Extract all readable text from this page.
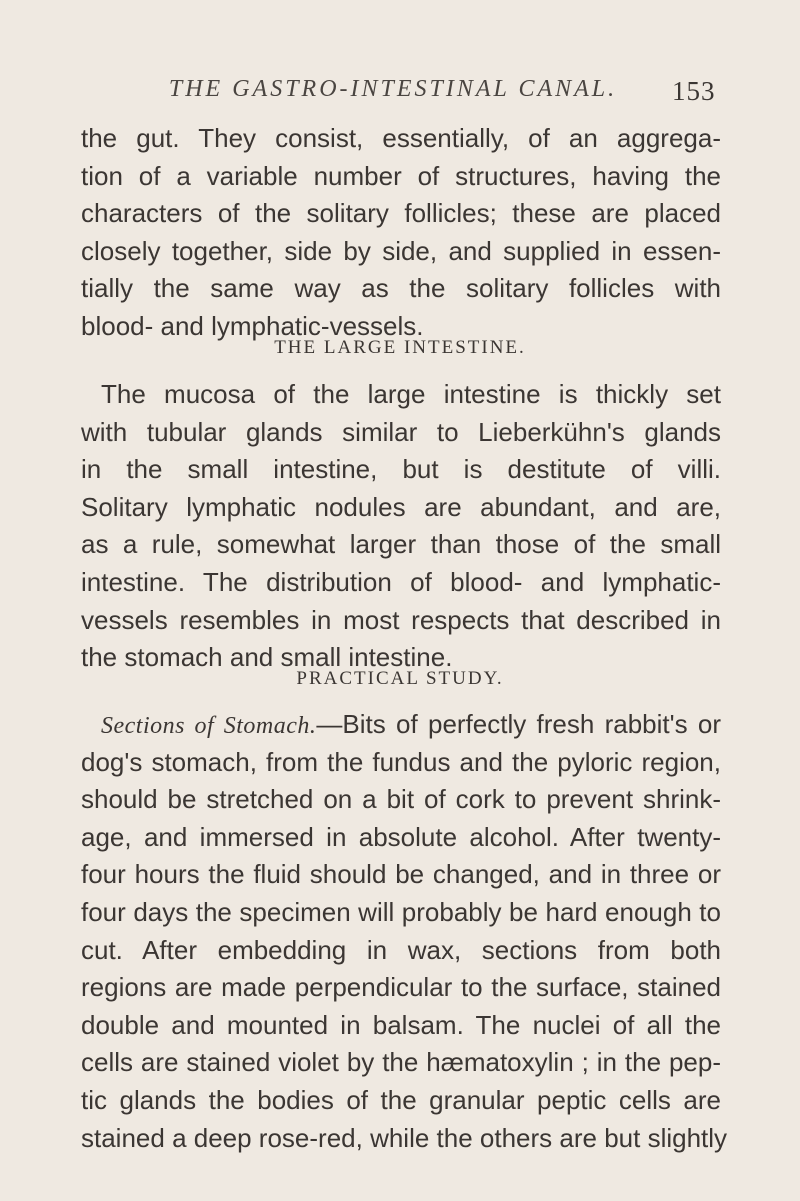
THE GASTRO-INTESTINAL CANAL.	153
the gut. They consist, essentially, of an aggrega-
tion of a variable number of structures, having the
characters of the solitary follicles; these are placed
closely together, side by side, and supplied in essen-
tially the same way as the solitary follicles with
blood- and lymphatic-vessels.
THE LARGE INTESTINE.
The mucosa of the large intestine is thickly set
with tubular glands similar to Lieberkühn's glands
in the small intestine, but is destitute of villi.
Solitary lymphatic nodules are abundant, and are,
as a rule, somewhat larger than those of the small
intestine. The distribution of blood- and lymphatic-
vessels resembles in most respects that described in
the stomach and small intestine.
PRACTICAL STUDY.
Sections of Stomach.—Bits of perfectly fresh rabbit's or
dog's stomach, from the fundus and the pyloric region,
should be stretched on a bit of cork to prevent shrink-
age, and immersed in absolute alcohol. After twenty-
four hours the fluid should be changed, and in three or
four days the specimen will probably be hard enough to
cut. After embedding in wax, sections from both
regions are made perpendicular to the surface, stained
double and mounted in balsam. The nuclei of all the
cells are stained violet by the hæmatoxylin ; in the pep-
tic glands the bodies of the granular peptic cells are
stained a deep rose-red, while the others are but slightly
